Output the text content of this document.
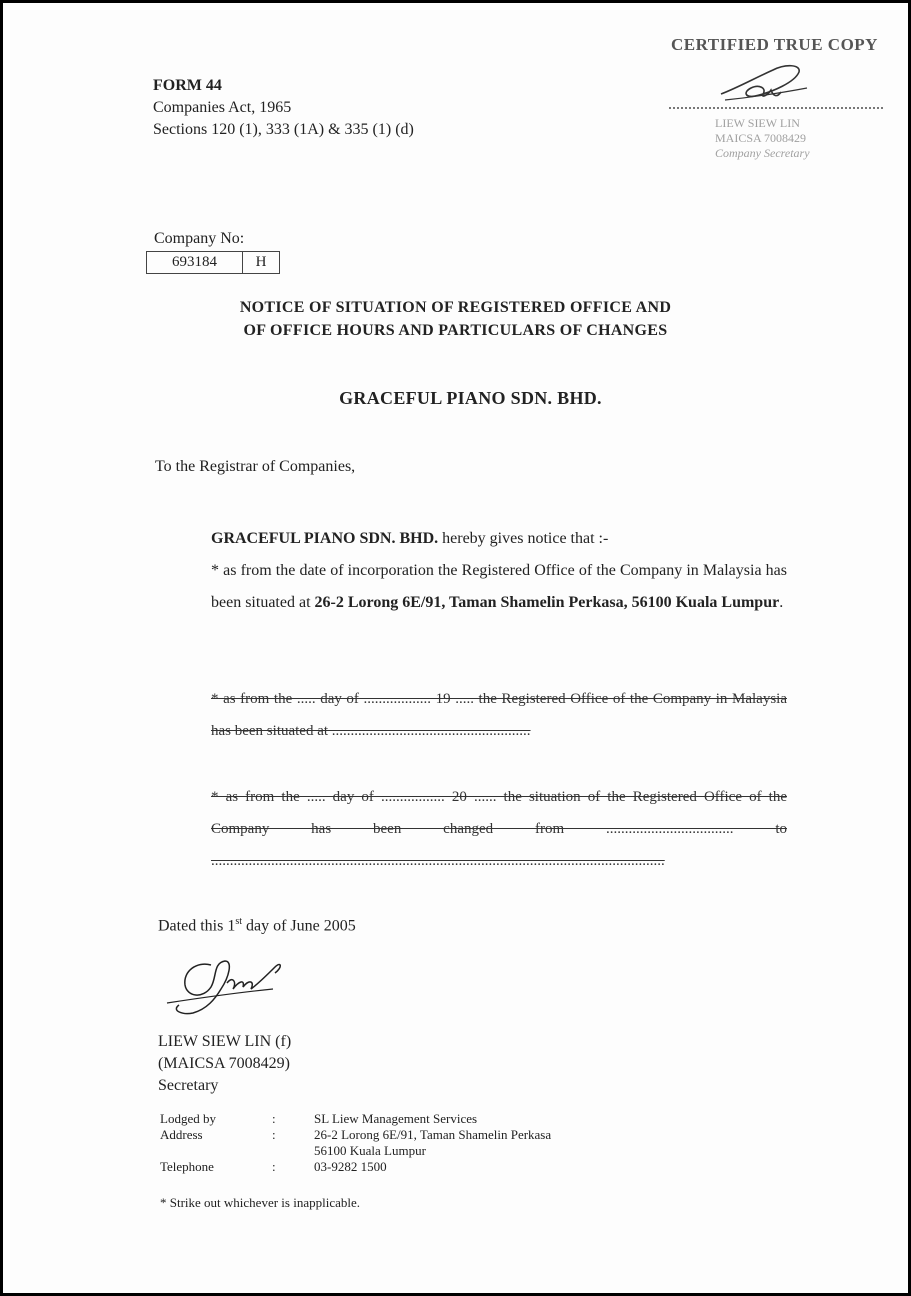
CERTIFIED TRUE COPY
LIEW SIEW LIN
MAICSA 7008429
Company Secretary
FORM 44
Companies Act, 1965
Sections 120 (1), 333 (1A) & 335 (1) (d)
Company No:
693184	H
NOTICE OF SITUATION OF REGISTERED OFFICE AND
OF OFFICE HOURS AND PARTICULARS OF CHANGES
GRACEFUL PIANO SDN. BHD.
To the Registrar of Companies,
GRACEFUL PIANO SDN. BHD. hereby gives notice that :-
* as from the date of incorporation the Registered Office of the Company in Malaysia has been situated at 26-2 Lorong 6E/91, Taman Shamelin Perkasa, 56100 Kuala Lumpur.
* as from the ..... day of .................. 19 ..... the Registered Office of the Company in Malaysia has been situated at .....................................................
* as from the ..... day of ................. 20 ...... the situation of the Registered Office of the Company has been changed from .................................. to .........................................................................................................................
Dated this 1st day of June 2005
LIEW SIEW LIN (f)
(MAICSA 7008429)
Secretary
Lodged by	:	SL Liew Management Services
Address	:	26-2 Lorong 6E/91, Taman Shamelin Perkasa
56100 Kuala Lumpur
Telephone	:	03-9282 1500
* Strike out whichever is inapplicable.
